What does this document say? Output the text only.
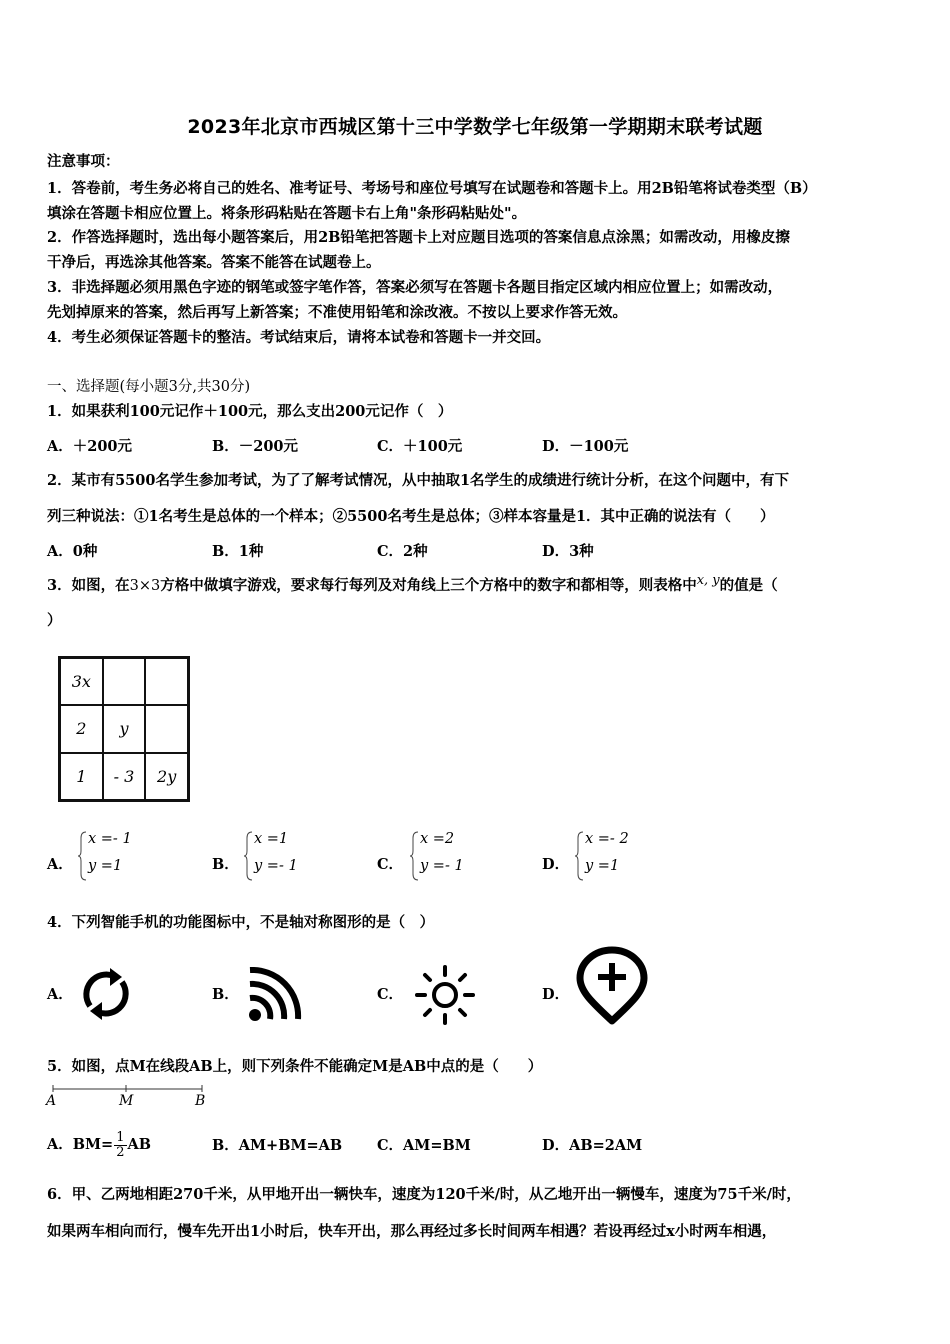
2023年北京市西城区第十三中学数学七年级第一学期期末联考试题
注意事项：
1．答卷前，考生务必将自己的姓名、准考证号、考场号和座位号填写在试题卷和答题卡上。用2B铅笔将试卷类型（B）
填涂在答题卡相应位置上。将条形码粘贴在答题卡右上角"条形码粘贴处"。
2．作答选择题时，选出每小题答案后，用2B铅笔把答题卡上对应题目选项的答案信息点涂黑；如需改动，用橡皮擦
干净后，再选涂其他答案。答案不能答在试题卷上。
3．非选择题必须用黑色字迹的钢笔或签字笔作答，答案必须写在答题卡各题目指定区域内相应位置上；如需改动，
先划掉原来的答案，然后再写上新答案；不准使用铅笔和涂改液。不按以上要求作答无效。
4．考生必须保证答题卡的整洁。考试结束后，请将本试卷和答题卡一并交回。
一、选择题(每小题3分,共30分)
1．如果获利100元记作＋100元，那么支出200元记作（　）
A．＋200元	B．－200元	C．＋100元	D．－100元
2．某市有5500名学生参加考试，为了了解考试情况，从中抽取1名学生的成绩进行统计分析，在这个问题中，有下
列三种说法：①1名考生是总体的一个样本；②5500名考生是总体；③样本容量是1．其中正确的说法有（　　）
A．0种	B．1种	C．2种	D．3种
3．如图，在3×3方格中做填字游戏，要求每行每列及对角线上三个方格中的数字和都相等，则表格中x, y的值是（
）
3x
2	y
1	- 3	2y
A．
x =- 1
y =1	B．
x =1
y =- 1	C．
x =2
y =- 1	D．
x =- 2
y =1
4．下列智能手机的功能图标中，不是轴对称图形的是（　）
A．	B．	C．	D．
5．如图，点M在线段AB上，则下列条件不能确定M是AB中点的是（　　）
A	M	B
A．$BM= \frac{1}{2}$ AB	B．AM+BM=AB C．AM=BM	D．AB=2AM
6．甲、乙两地相距270千米，从甲地开出一辆快车，速度为120千米/时，从乙地开出一辆慢车，速度为75千米/时，
如果两车相向而行，慢车先开出1小时后，快车开出，那么再经过多长时间两车相遇？若设再经过x小时两车相遇，
